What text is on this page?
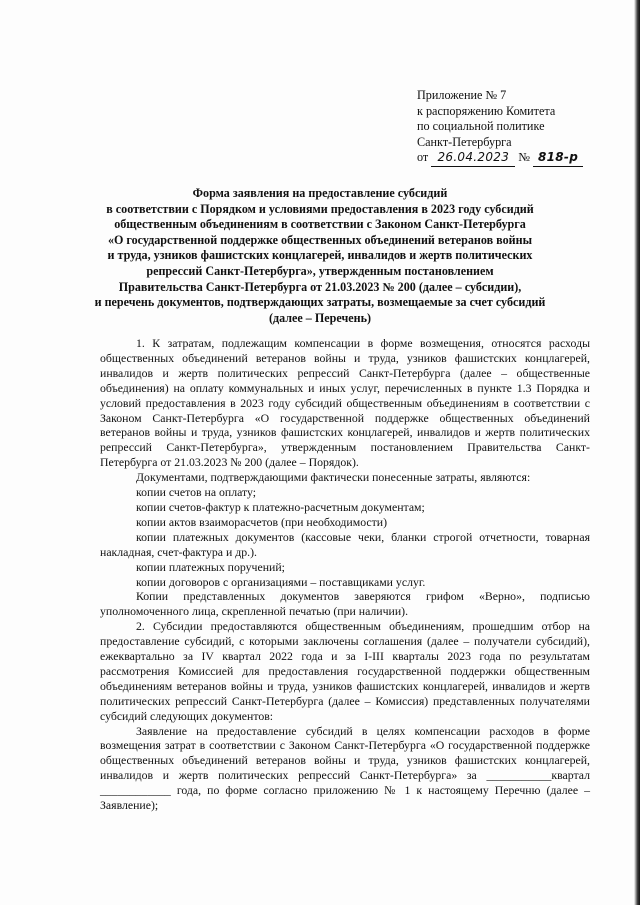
Приложение № 7
к распоряжению Комитета
по социальной политике
Санкт-Петербурга
от 26.04.2023 № 818-р
Форма заявления на предоставление субсидий
в соответствии с Порядком и условиями предоставления в 2023 году субсидий
общественным объединениям в соответствии с Законом Санкт-Петербурга
«О государственной поддержке общественных объединений ветеранов войны
и труда, узников фашистских концлагерей, инвалидов и жертв политических
репрессий Санкт-Петербурга», утвержденным постановлением
Правительства Санкт-Петербурга от 21.03.2023 № 200 (далее – субсидии),
и перечень документов, подтверждающих затраты, возмещаемые за счет субсидий
(далее – Перечень)

1. К затратам, подлежащим компенсации в форме возмещения, относятся расходы общественных объединений ветеранов войны и труда, узников фашистских концлагерей, инвалидов и жертв политических репрессий Санкт-Петербурга (далее – общественные объединения) на оплату коммунальных и иных услуг, перечисленных в пункте 1.3 Порядка и условий предоставления в 2023 году субсидий общественным объединениям в соответствии с Законом Санкт-Петербурга «О государственной поддержке общественных объединений ветеранов войны и труда, узников фашистских концлагерей, инвалидов и жертв политических репрессий Санкт-Петербурга», утвержденным постановлением Правительства Санкт-Петербурга от 21.03.2023 № 200 (далее – Порядок).

Документами, подтверждающими фактически понесенные затраты, являются:

копии счетов на оплату;

копии счетов-фактур к платежно-расчетным документам;

копии актов взаиморасчетов (при необходимости)

копии платежных документов (кассовые чеки, бланки строгой отчетности, товарная накладная, счет-фактура и др.).

копии платежных поручений;

копии договоров с организациями – поставщиками услуг.

Копии представленных документов заверяются грифом «Верно», подписью уполномоченного лица, скрепленной печатью (при наличии).

2. Субсидии предоставляются общественным объединениям, прошедшим отбор на предоставление субсидий, с которыми заключены соглашения (далее – получатели субсидий), ежеквартально за IV квартал 2022 года и за I-III кварталы 2023 года по результатам рассмотрения Комиссией для предоставления государственной поддержки общественным объединениям ветеранов войны и труда, узников фашистских концлагерей, инвалидов и жертв политических репрессий Санкт-Петербурга (далее – Комиссия) представленных получателями субсидий следующих документов:

Заявление на предоставление субсидий в целях компенсации расходов в форме возмещения затрат в соответствии с Законом Санкт-Петербурга «О государственной поддержке общественных объединений ветеранов войны и труда, узников фашистских концлагерей, инвалидов и жертв политических репрессий Санкт-Петербурга» за ___________квартал ____________ года, по форме согласно приложению № 1 к настоящему Перечню (далее – Заявление);
